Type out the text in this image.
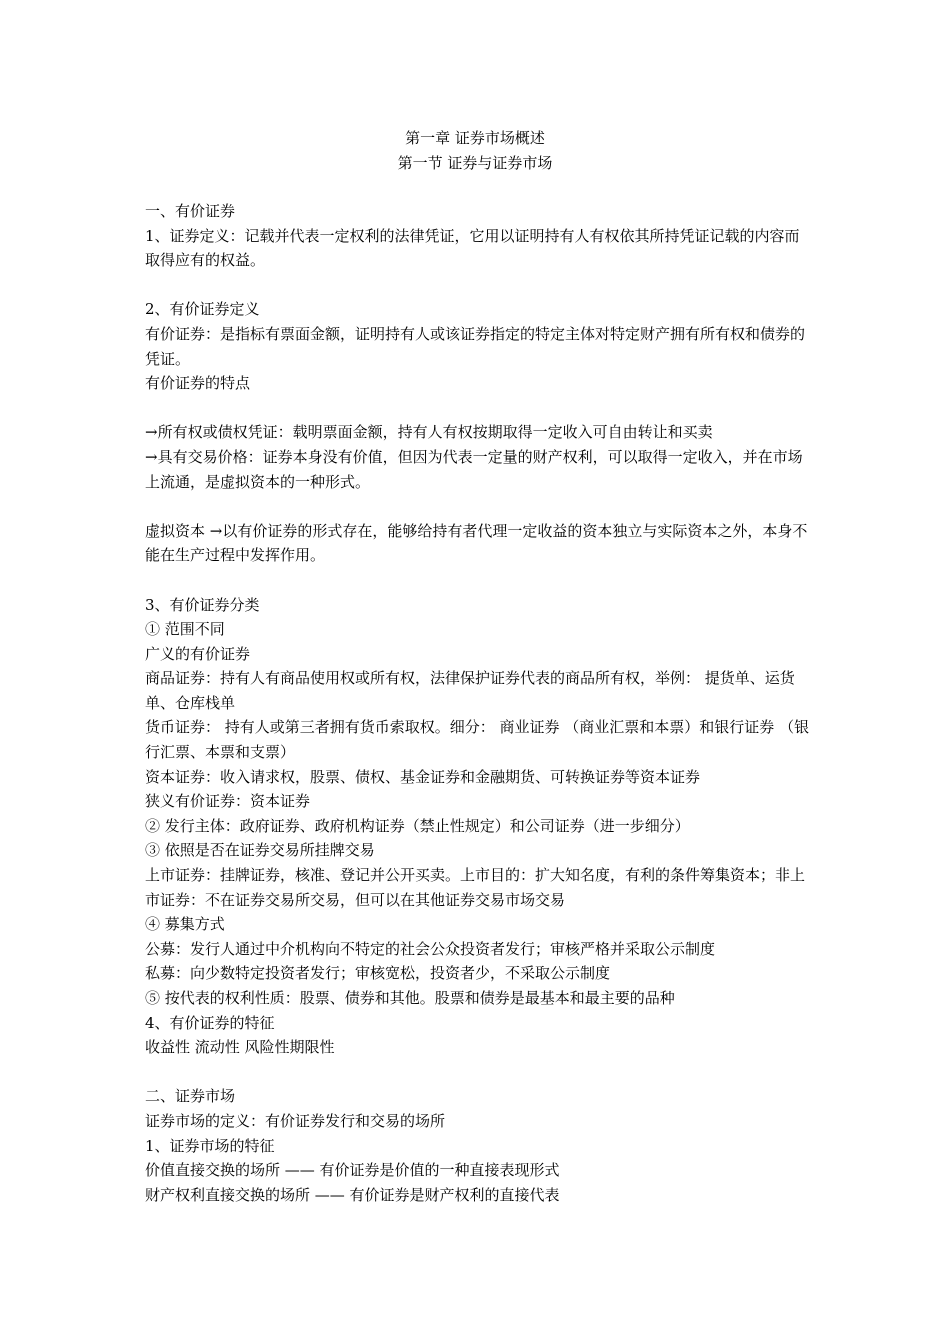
第一章 证券市场概述
第一节 证券与证券市场

一、有价证券

1、证券定义：记载并代表一定权利的法律凭证，它用以证明持有人有权依其所持凭证记载的内容而取得应有的权益。

2、有价证券定义

有价证券：是指标有票面金额，证明持有人或该证券指定的特定主体对特定财产拥有所有权和债券的凭证。

有价证券的特点

→所有权或债权凭证：载明票面金额，持有人有权按期取得一定收入可自由转让和买卖

→具有交易价格：证券本身没有价值，但因为代表一定量的财产权利，可以取得一定收入，并在市场上流通，是虚拟资本的一种形式。

虚拟资本 →以有价证券的形式存在，能够给持有者代理一定收益的资本独立与实际资本之外，本身不能在生产过程中发挥作用。

3、有价证券分类

① 范围不同

广义的有价证券

商品证券：持有人有商品使用权或所有权，法律保护证券代表的商品所有权，举例： 提货单、运货单、仓库栈单

货币证券： 持有人或第三者拥有货币索取权。细分： 商业证券 （商业汇票和本票）和银行证券 （银行汇票、本票和支票）

资本证券：收入请求权，股票、债权、基金证券和金融期货、可转换证券等资本证券

狭义有价证券：资本证券

② 发行主体：政府证券、政府机构证券（禁止性规定）和公司证券（进一步细分）

③ 依照是否在证券交易所挂牌交易

上市证券：挂牌证券，核准、登记并公开买卖。上市目的：扩大知名度，有利的条件筹集资本；非上市证券：不在证券交易所交易，但可以在其他证券交易市场交易

④ 募集方式

公募：发行人通过中介机构向不特定的社会公众投资者发行；审核严格并采取公示制度

私募：向少数特定投资者发行；审核宽松，投资者少，不采取公示制度

⑤ 按代表的权利性质：股票、债券和其他。股票和债券是最基本和最主要的品种

4、有价证券的特征

收益性 流动性 风险性期限性

二、证券市场

证券市场的定义：有价证券发行和交易的场所

1、证券市场的特征

价值直接交换的场所 —— 有价证券是价值的一种直接表现形式

财产权利直接交换的场所 —— 有价证券是财产权利的直接代表
